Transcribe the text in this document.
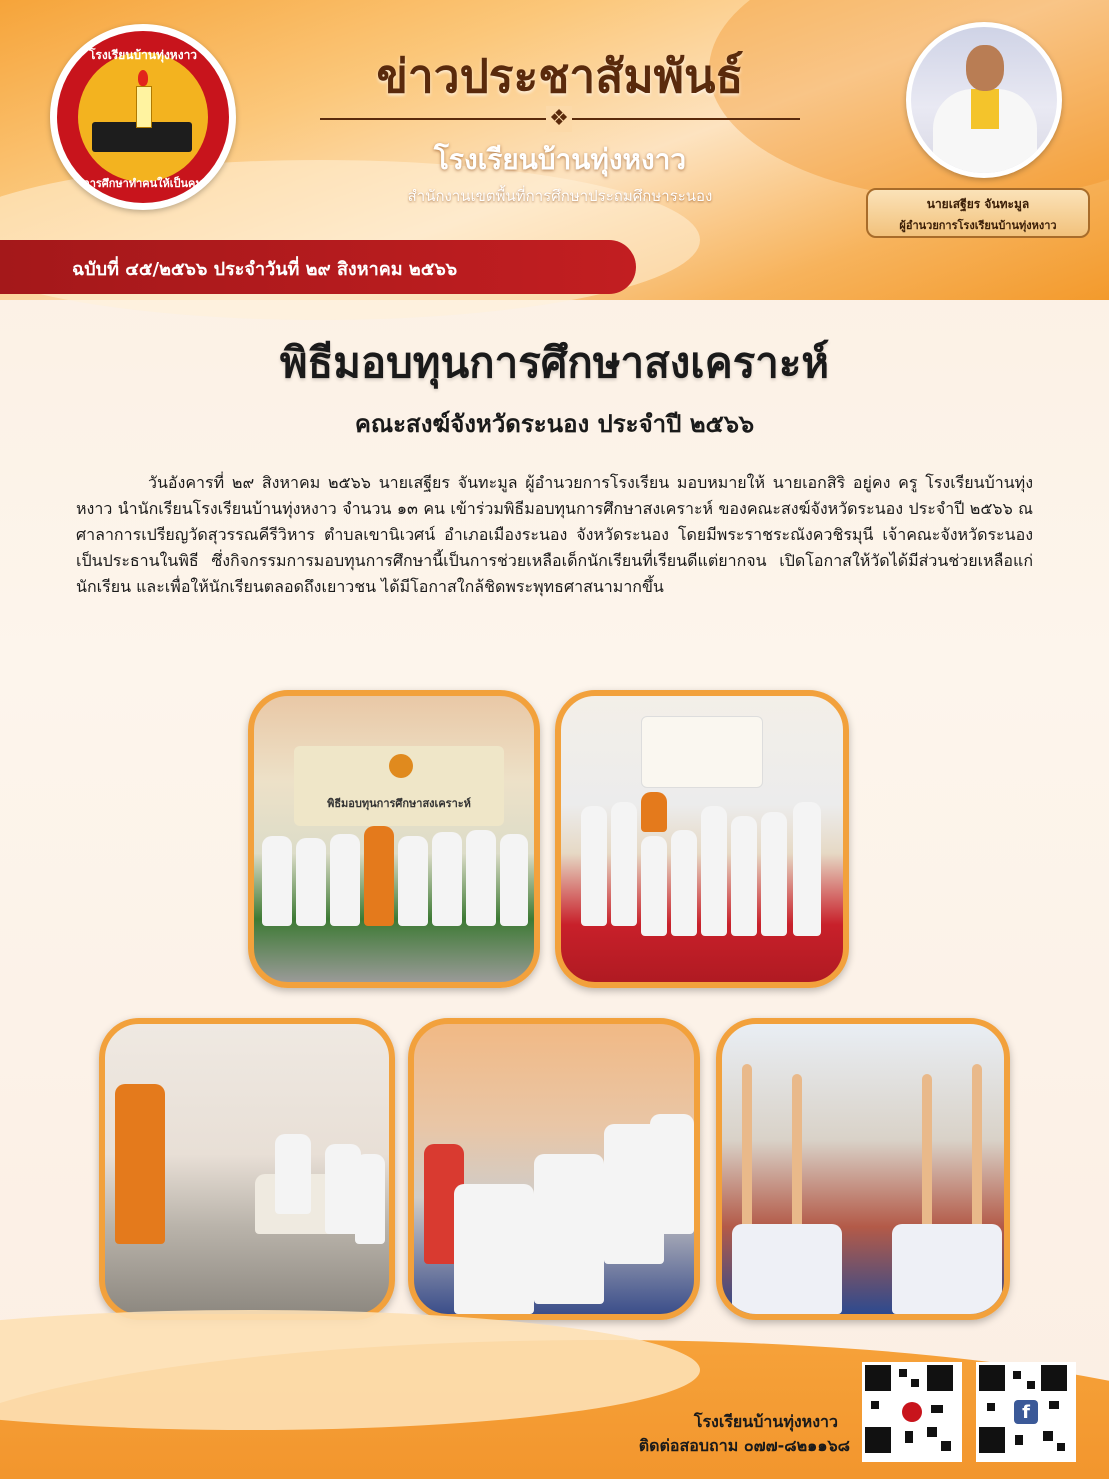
โรงเรียนบ้านทุ่งหงาว
การศึกษาทำคนให้เป็นคน
ข่าวประชาสัมพันธ์
❖
โรงเรียนบ้านทุ่งหงาว
สำนักงานเขตพื้นที่การศึกษาประถมศึกษาระนอง	นายเสฐียร จันทะมูล
ผู้อำนวยการโรงเรียนบ้านทุ่งหงาว
ฉบับที่ ๔๕/๒๕๖๖ ประจำวันที่ ๒๙ สิงหาคม ๒๕๖๖
พิธีมอบทุนการศึกษาสงเคราะห์
คณะสงฆ์จังหวัดระนอง ประจำปี ๒๕๖๖
วันอังคารที่ ๒๙ สิงหาคม ๒๕๖๖ นายเสฐียร จันทะมูล ผู้อำนวยการโรงเรียน มอบหมายให้ นายเอกสิริ อยู่คง ครู โรงเรียนบ้านทุ่งหงาว นำนักเรียนโรงเรียนบ้านทุ่งหงาว จำนวน ๑๓ คน เข้าร่วมพิธีมอบทุนการศึกษาสงเคราะห์ ของคณะสงฆ์จังหวัดระนอง ประจำปี ๒๕๖๖ ณ ศาลาการเปรียญวัดสุวรรณคีรีวิหาร ตำบลเขานิเวศน์ อำเภอเมืองระนอง จังหวัดระนอง โดยมีพระราชระณังควชิรมุนี เจ้าคณะจังหวัดระนอง เป็นประธานในพิธี ซึ่งกิจกรรมการมอบทุนการศึกษานี้เป็นการช่วยเหลือเด็กนักเรียนที่เรียนดีแต่ยากจน เปิดโอกาสให้วัดได้มีส่วนช่วยเหลือแก่นักเรียน และเพื่อให้นักเรียนตลอดถึงเยาวชน ได้มีโอกาสใกล้ชิดพระพุทธศาสนามากขึ้น
พิธีมอบทุนการศึกษาสงเคราะห์
โรงเรียนบ้านทุ่งหงาว
ติดต่อสอบถาม ๐๗๗-๘๒๑๑๖๘
f
